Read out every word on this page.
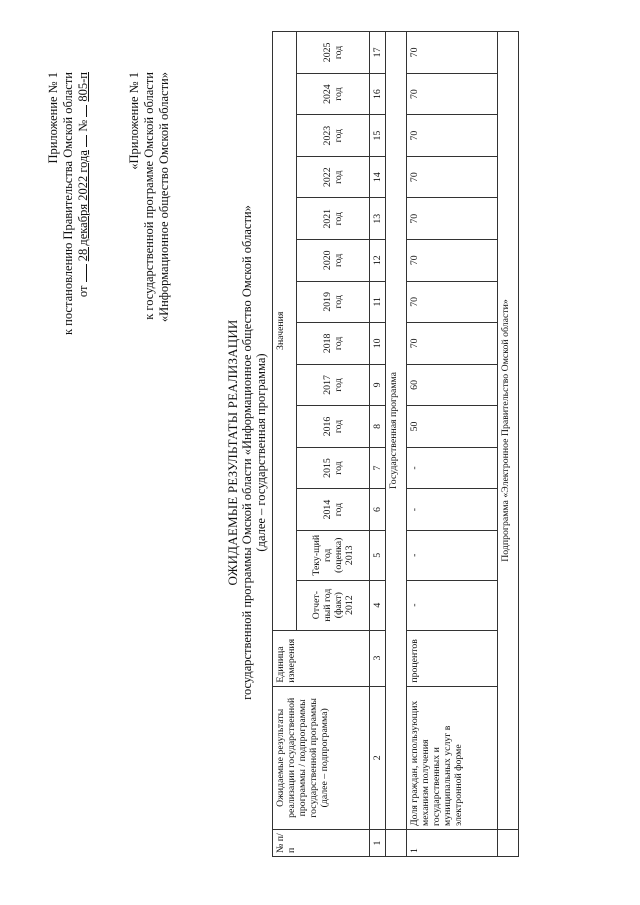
Приложение № 1 к постановлению Правительства Омской области от  28 декабря 2022 года  №  805-п	«Приложение № 1 к государственной программе Омской области «Информационное общество Омской области»
ОЖИДАЕМЫЕ РЕЗУЛЬТАТЫ РЕАЛИЗАЦИИ государственной программы Омской области «Информационное общество Омской области» (далее – государственная программа)
№ п/п	Ожидаемые результаты реализации государственной программы / подпрограммы государственной программы (далее – подпрограмма)	Единица измерения	Значения													
			Отчет-ный год (факт) 2012	Теку-щий год (оценка) 2013	2014 год	2015 год	2016 год	2017 год	2018 год	2019 год	2020 год	2021 год	2022 год	2023 год	2024 год	2025 год
1	2	3	4	5	6	7	8	9	10	11	12	13	14	15	16	17
	Государственная программа															
1	Доля граждан, использующих механизм получения государственных и муниципальных услуг в электронной форме	процентов	-	-	-	-	50	60	70	70	70	70	70	70	70	70
	Подпрограмма «Электронное Правительство Омской области»															
